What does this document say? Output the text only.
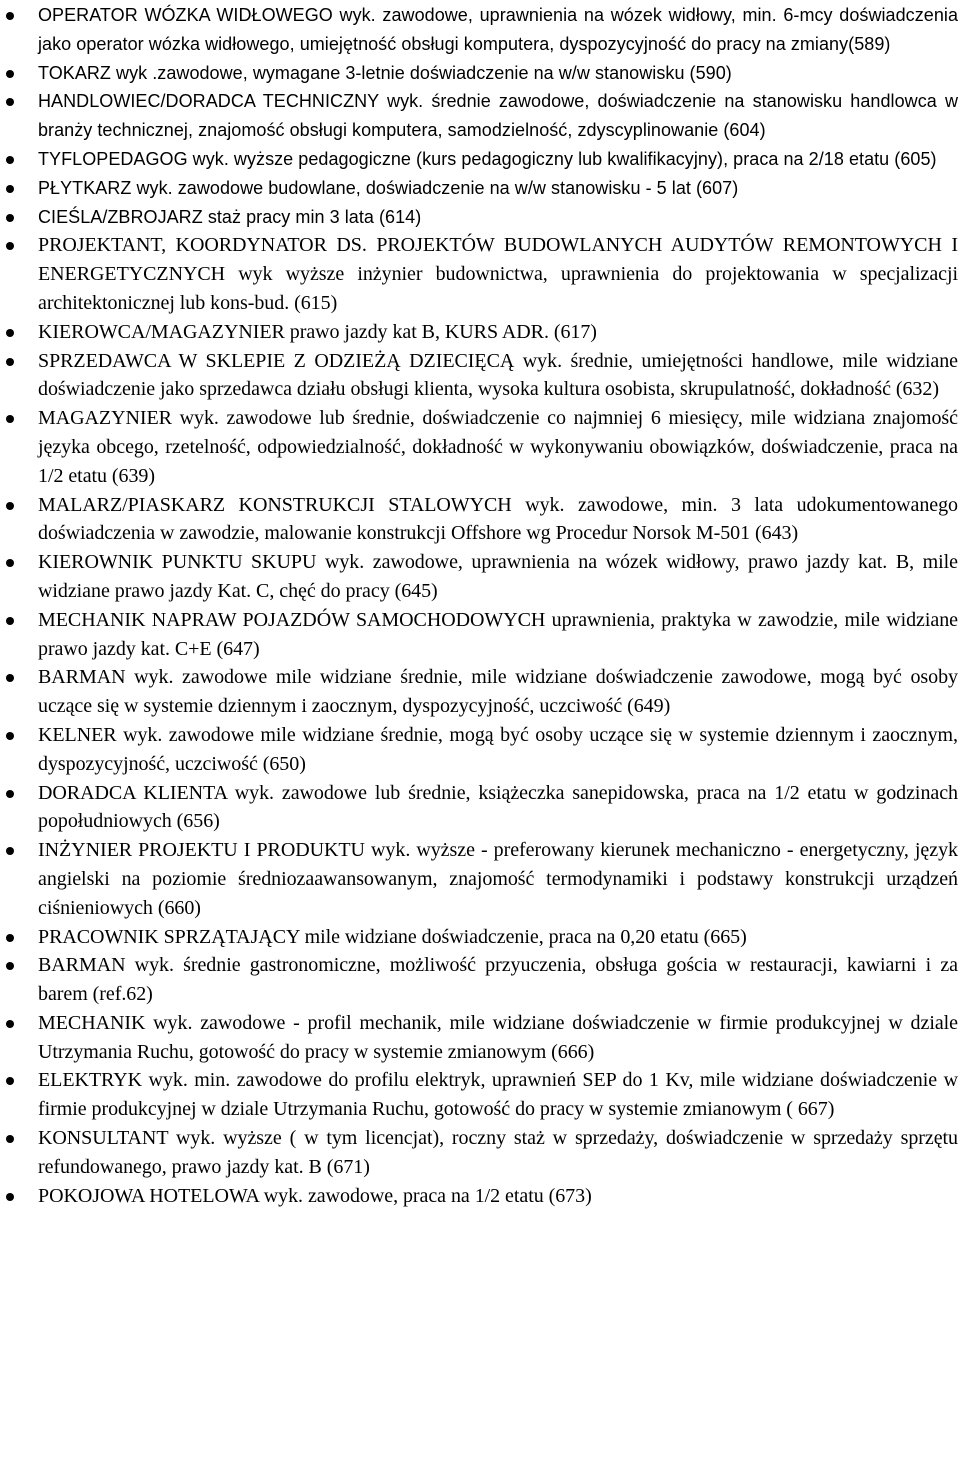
OPERATOR WÓZKA WIDŁOWEGO wyk. zawodowe, uprawnienia na wózek widłowy, min. 6-mcy doświadczenia jako operator wózka widłowego, umiejętność obsługi komputera, dyspozycyjność do pracy na zmiany(589)
TOKARZ wyk .zawodowe, wymagane 3-letnie doświadczenie na w/w stanowisku (590)
HANDLOWIEC/DORADCA TECHNICZNY wyk. średnie zawodowe, doświadczenie na stanowisku handlowca w branży technicznej, znajomość obsługi komputera, samodzielność, zdyscyplinowanie (604)
TYFLOPEDAGOG wyk. wyższe pedagogiczne (kurs pedagogiczny lub kwalifikacyjny), praca na 2/18 etatu (605)
PŁYTKARZ wyk. zawodowe budowlane, doświadczenie na w/w stanowisku - 5 lat (607)
CIEŚLA/ZBROJARZ staż pracy min 3 lata (614)
PROJEKTANT, KOORDYNATOR DS. PROJEKTÓW BUDOWLANYCH AUDYTÓW REMONTOWYCH I ENERGETYCZNYCH wyk wyższe inżynier budownictwa, uprawnienia do projektowania w specjalizacji architektonicznej lub kons-bud. (615)
KIEROWCA/MAGAZYNIER prawo jazdy kat B, KURS ADR. (617)
SPRZEDAWCA W SKLEPIE Z ODZIEŻĄ DZIECIĘCĄ wyk. średnie, umiejętności handlowe, mile widziane doświadczenie jako sprzedawca działu obsługi klienta, wysoka kultura osobista, skrupulatność, dokładność (632)
MAGAZYNIER wyk. zawodowe lub średnie, doświadczenie co najmniej 6 miesięcy, mile widziana znajomość języka obcego, rzetelność, odpowiedzialność, dokładność w wykonywaniu obowiązków, doświadczenie, praca na 1/2 etatu (639)
MALARZ/PIASKARZ KONSTRUKCJI STALOWYCH wyk. zawodowe, min. 3 lata udokumentowanego doświadczenia w zawodzie, malowanie konstrukcji Offshore wg Procedur Norsok M-501 (643)
KIEROWNIK PUNKTU SKUPU wyk. zawodowe, uprawnienia na wózek widłowy, prawo jazdy kat. B, mile widziane prawo jazdy Kat. C, chęć do pracy (645)
MECHANIK NAPRAW POJAZDÓW SAMOCHODOWYCH uprawnienia, praktyka w zawodzie, mile widziane prawo jazdy kat. C+E (647)
BARMAN wyk. zawodowe mile widziane średnie, mile widziane doświadczenie zawodowe, mogą być osoby uczące się w systemie dziennym i zaocznym, dyspozycyjność, uczciwość (649)
KELNER wyk. zawodowe mile widziane średnie, mogą być osoby uczące się w systemie dziennym i zaocznym, dyspozycyjność, uczciwość (650)
DORADCA KLIENTA wyk. zawodowe lub średnie, książeczka sanepidowska, praca na 1/2 etatu w godzinach popołudniowych (656)
INŻYNIER PROJEKTU I PRODUKTU wyk. wyższe - preferowany kierunek mechaniczno - energetyczny, język angielski na poziomie średniozaawansowanym, znajomość termodynamiki i podstawy konstrukcji urządzeń ciśnieniowych (660)
PRACOWNIK SPRZĄTAJĄCY mile widziane doświadczenie, praca na 0,20 etatu (665)
BARMAN wyk. średnie gastronomiczne, możliwość przyuczenia, obsługa gościa w restauracji, kawiarni i za barem (ref.62)
MECHANIK wyk. zawodowe - profil mechanik, mile widziane doświadczenie w firmie produkcyjnej w dziale Utrzymania Ruchu, gotowość do pracy w systemie zmianowym (666)
ELEKTRYK wyk. min. zawodowe do profilu elektryk, uprawnień SEP do 1 Kv, mile widziane doświadczenie w firmie produkcyjnej w dziale Utrzymania Ruchu, gotowość do pracy w systemie zmianowym ( 667)
KONSULTANT wyk. wyższe ( w tym licencjat), roczny staż w sprzedaży, doświadczenie w sprzedaży sprzętu refundowanego, prawo jazdy kat. B (671)
POKOJOWA HOTELOWA wyk. zawodowe, praca na 1/2 etatu (673)
